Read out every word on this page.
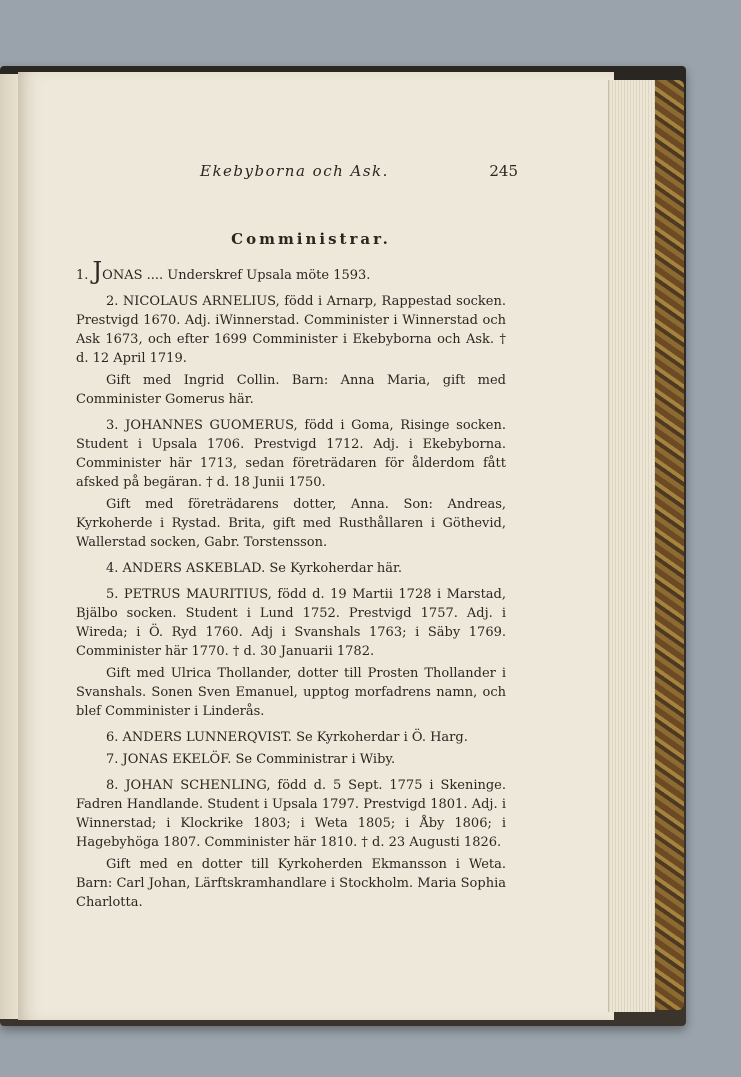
Ekebyborna och Ask.	245
Comministrar.

1. JONAS .... Underskref Upsala möte 1593.

2. NICOLAUS ARNELIUS, född i Arnarp, Rappestad socken. Prestvigd 1670. Adj. iWinnerstad. Comminister i Winnerstad och Ask 1673, och efter 1699 Comminister i Ekebyborna och Ask. † d. 12 April 1719.

Gift med Ingrid Collin. Barn: Anna Maria, gift med Comminister Gomerus här.

3. JOHANNES GUOMERUS, född i Goma, Risinge socken. Student i Upsala 1706. Prestvigd 1712. Adj. i Ekebyborna. Comminister här 1713, sedan företrädaren för ålderdom fått afsked på begäran. † d. 18 Junii 1750.

Gift med företrädarens dotter, Anna. Son: Andreas, Kyrkoherde i Rystad. Brita, gift med Rusthållaren i Göthevid, Wallerstad socken, Gabr. Torstensson.

4. ANDERS ASKEBLAD. Se Kyrkoherdar här.

5. PETRUS MAURITIUS, född d. 19 Martii 1728 i Marstad, Bjälbo socken. Student i Lund 1752. Prestvigd 1757. Adj. i Wireda; i Ö. Ryd 1760. Adj i Svanshals 1763; i Säby 1769. Comminister här 1770. † d. 30 Januarii 1782.

Gift med Ulrica Thollander, dotter till Prosten Thollander i Svanshals. Sonen Sven Emanuel, upptog morfadrens namn, och blef Comminister i Linderås.

6. ANDERS LUNNERQVIST. Se Kyrkoherdar i Ö. Harg.

7. JONAS EKELÖF. Se Comministrar i Wiby.

8. JOHAN SCHENLING, född d. 5 Sept. 1775 i Skeninge. Fadren Handlande. Student i Upsala 1797. Prestvigd 1801. Adj. i Winnerstad; i Klockrike 1803; i Weta 1805; i Åby 1806; i Hagebyhöga 1807. Comminister här 1810. † d. 23 Augusti 1826.

Gift med en dotter till Kyrkoherden Ekmansson i Weta. Barn: Carl Johan, Lärftskramhandlare i Stockholm. Maria Sophia Charlotta.
